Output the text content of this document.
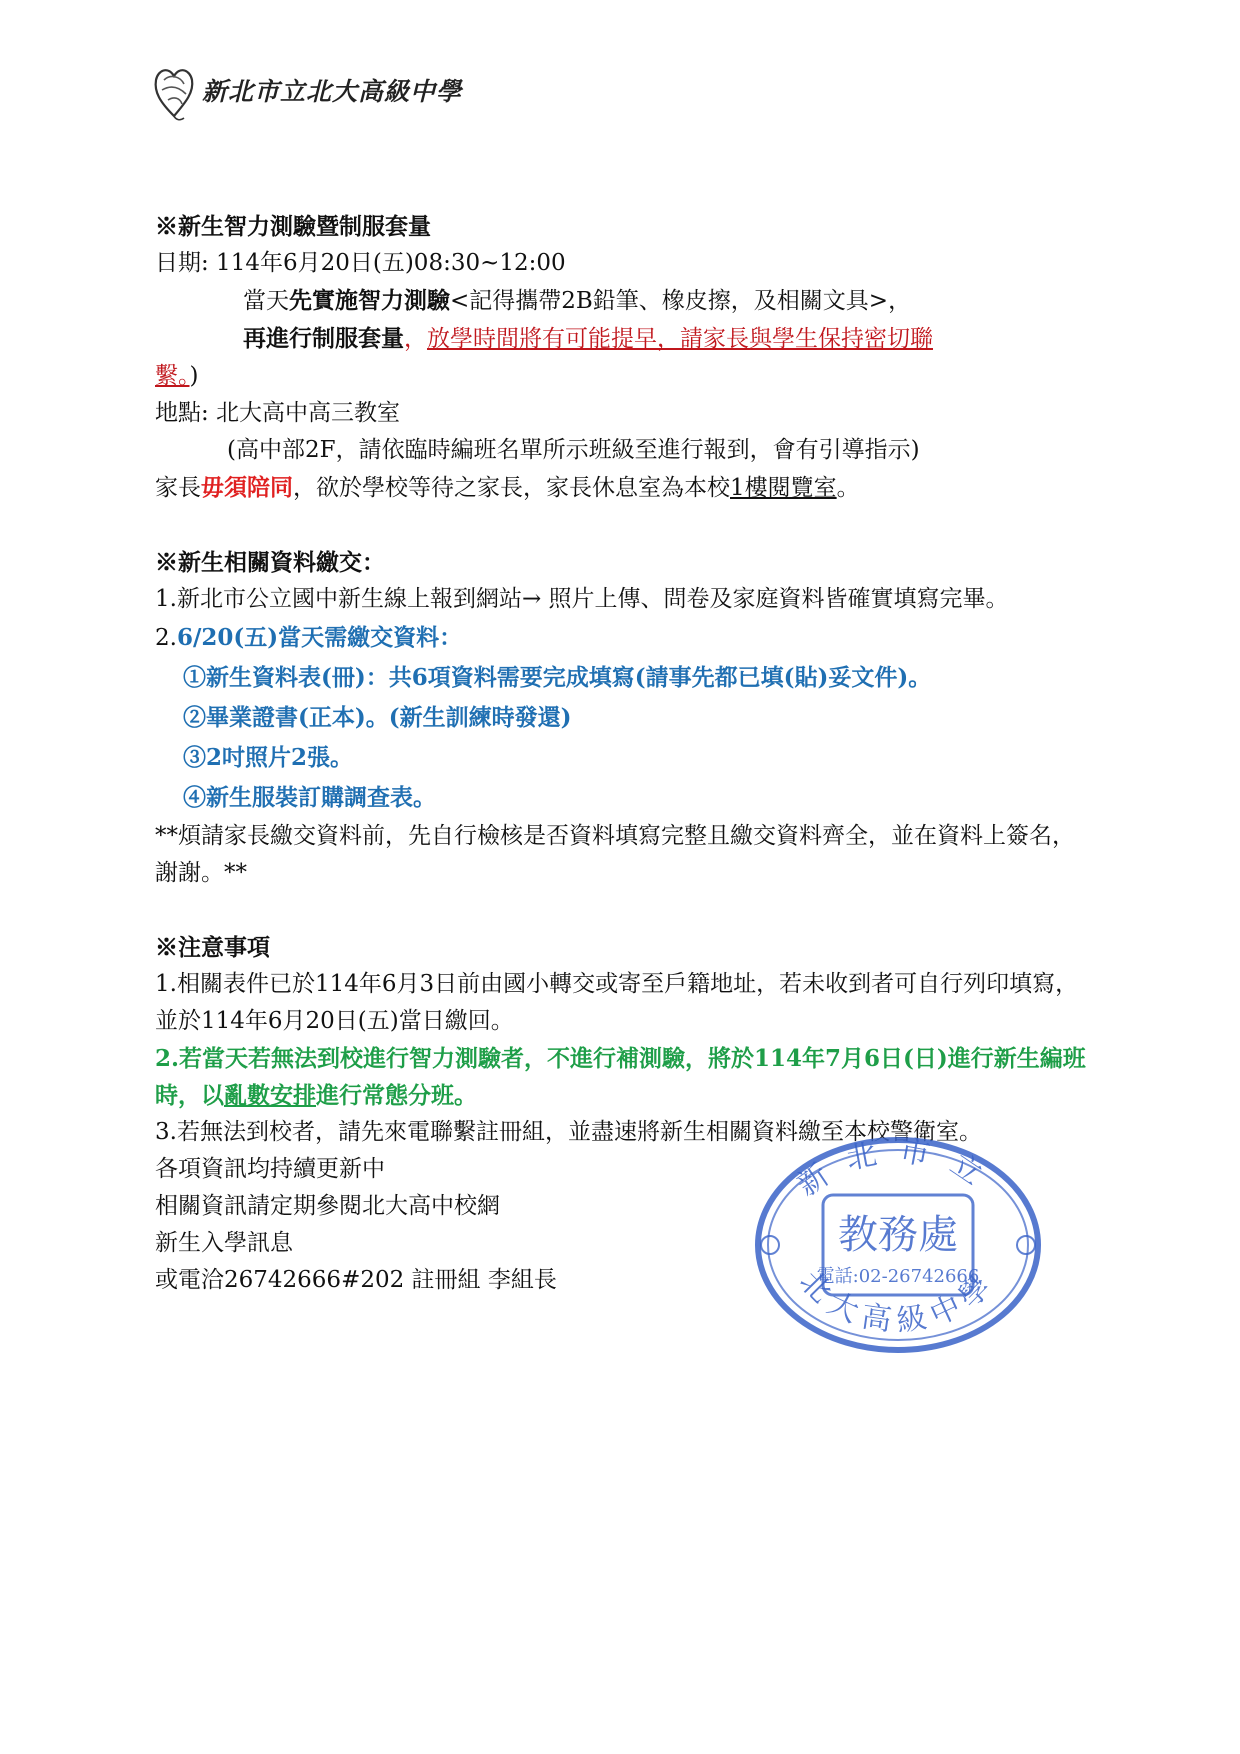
新北市立北大高級中學

※新生智力測驗暨制服套量

日期: 114年6月20日(五)08:30~12:00

當天先實施智力測驗<記得攜帶2B鉛筆、橡皮擦，及相關文具>，

再進行制服套量，放學時間將有可能提早，請家長與學生保持密切聯

繫。)

地點: 北大高中高三教室

(高中部2F，請依臨時編班名單所示班級至進行報到，會有引導指示)

家長毋須陪同，欲於學校等待之家長，家長休息室為本校1樓閱覽室。

※新生相關資料繳交：

1.新北市公立國中新生線上報到網站→ 照片上傳、問卷及家庭資料皆確實填寫完畢。

2.6/20(五)當天需繳交資料：

①新生資料表(冊)：共6項資料需要完成填寫(請事先都已填(貼)妥文件)。

②畢業證書(正本)。(新生訓練時發還)

③2吋照片2張。

④新生服裝訂購調查表。

**煩請家長繳交資料前，先自行檢核是否資料填寫完整且繳交資料齊全，並在資料上簽名，謝謝。**

※注意事項

1.相關表件已於114年6月3日前由國小轉交或寄至戶籍地址，若未收到者可自行列印填寫，並於114年6月20日(五)當日繳回。

2.若當天若無法到校進行智力測驗者，不進行補測驗，將於114年7月6日(日)進行新生編班時，以亂數安排進行常態分班。

3.若無法到校者，請先來電聯繫註冊組，並盡速將新生相關資料繳至本校警衛室。

各項資訊均持續更新中

相關資訊請定期參閱北大高中校網

新生入學訊息

或電洽26742666#202 註冊組 李組長

新北市立
北大高級中學
教務處
電話:02-26742666
